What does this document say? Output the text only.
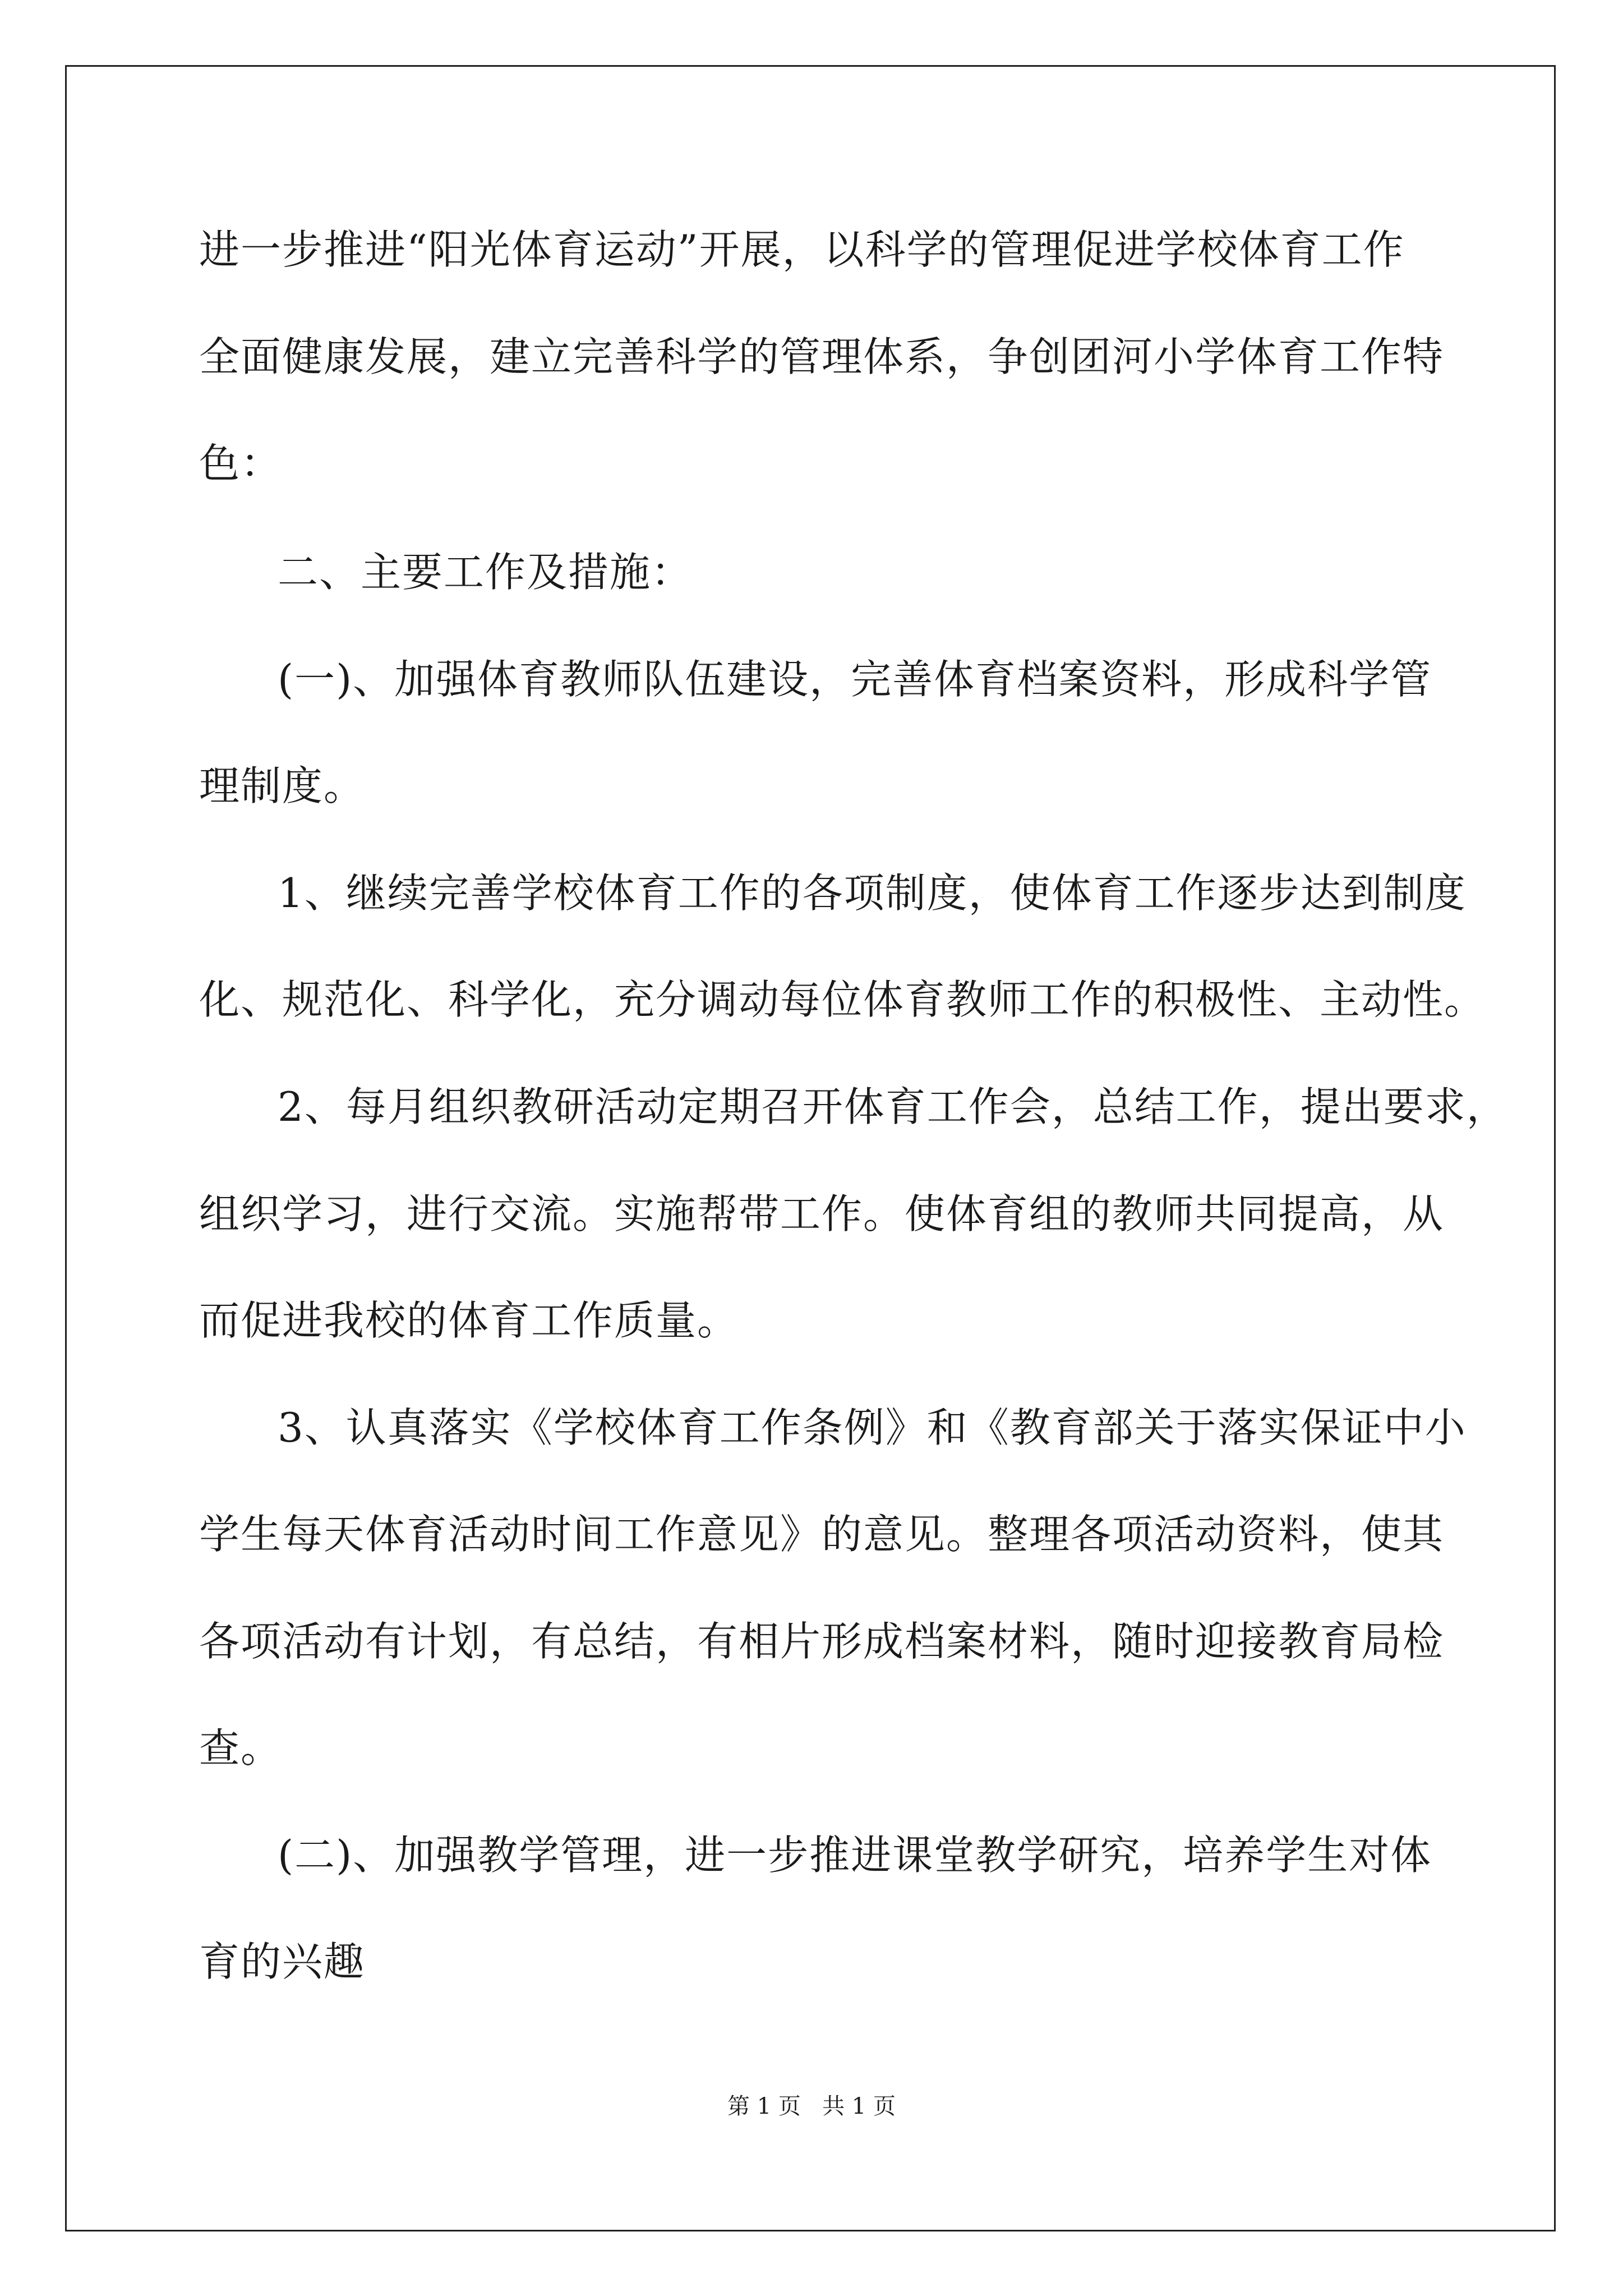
进一步推进“阳光体育运动”开展，以科学的管理促进学校体育工作
全面健康发展，建立完善科学的管理体系，争创团河小学体育工作特
色：
二、主要工作及措施：
(一)、加强体育教师队伍建设，完善体育档案资料，形成科学管
理制度。
1、继续完善学校体育工作的各项制度，使体育工作逐步达到制度
化、规范化、科学化，充分调动每位体育教师工作的积极性、主动性。
2、每月组织教研活动定期召开体育工作会，总结工作，提出要求，
组织学习，进行交流。实施帮带工作。使体育组的教师共同提高，从
而促进我校的体育工作质量。
3、认真落实《学校体育工作条例》和《教育部关于落实保证中小
学生每天体育活动时间工作意见》的意见。整理各项活动资料，使其
各项活动有计划，有总结，有相片形成档案材料，随时迎接教育局检
查。
(二)、加强教学管理，进一步推进课堂教学研究，培养学生对体
育的兴趣
第 1 页   共 1 页
